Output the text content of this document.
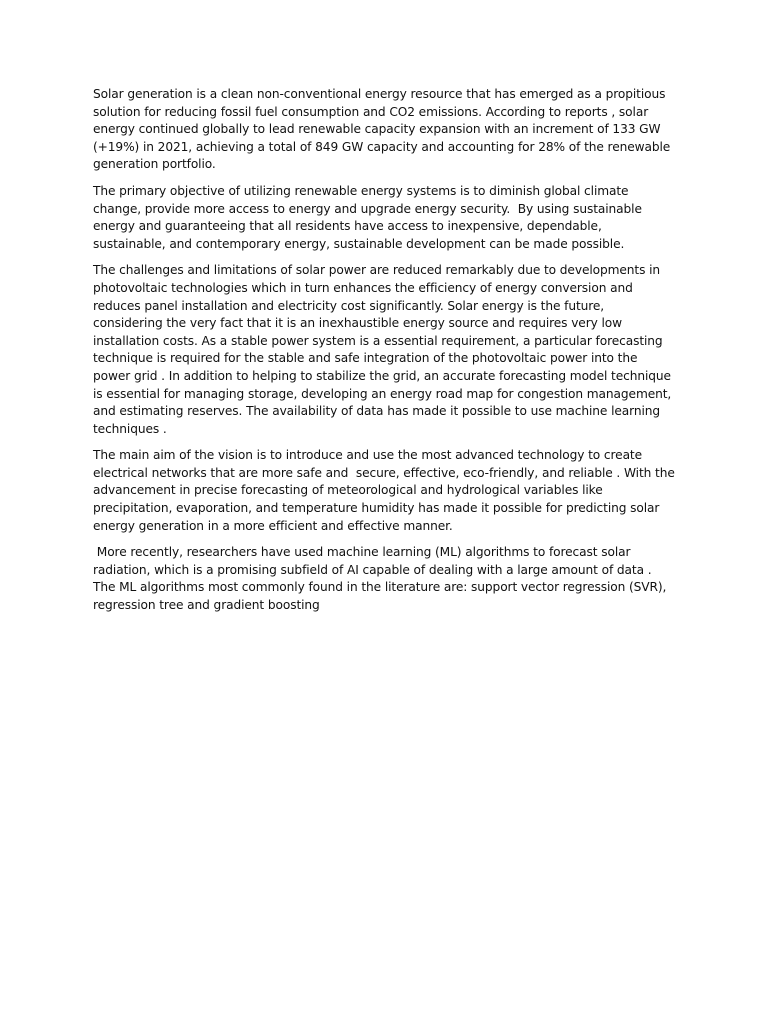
Solar generation is a clean non-conventional energy resource that has emerged as a propitious solution for reducing fossil fuel consumption and CO2 emissions. According to reports , solar energy continued globally to lead renewable capacity expansion with an increment of 133 GW (+19%) in 2021, achieving a total of 849 GW capacity and accounting for 28% of the renewable generation portfolio.

The primary objective of utilizing renewable energy systems is to diminish global climate change, provide more access to energy and upgrade energy security.  By using sustainable energy and guaranteeing that all residents have access to inexpensive, dependable, sustainable, and contemporary energy, sustainable development can be made possible.

The challenges and limitations of solar power are reduced remarkably due to developments in photovoltaic technologies which in turn enhances the efficiency of energy conversion and reduces panel installation and electricity cost significantly. Solar energy is the future, considering the very fact that it is an inexhaustible energy source and requires very low installation costs. As a stable power system is a essential requirement, a particular forecasting technique is required for the stable and safe integration of the photovoltaic power into the power grid . In addition to helping to stabilize the grid, an accurate forecasting model technique is essential for managing storage, developing an energy road map for congestion management, and estimating reserves. The availability of data has made it possible to use machine learning techniques .

The main aim of the vision is to introduce and use the most advanced technology to create electrical networks that are more safe and  secure, effective, eco-friendly, and reliable . With the advancement in precise forecasting of meteorological and hydrological variables like precipitation, evaporation, and temperature humidity has made it possible for predicting solar energy generation in a more efficient and effective manner.

More recently, researchers have used machine learning (ML) algorithms to forecast solar radiation, which is a promising subfield of AI capable of dealing with a large amount of data . The ML algorithms most commonly found in the literature are: support vector regression (SVR), regression tree and gradient boosting
